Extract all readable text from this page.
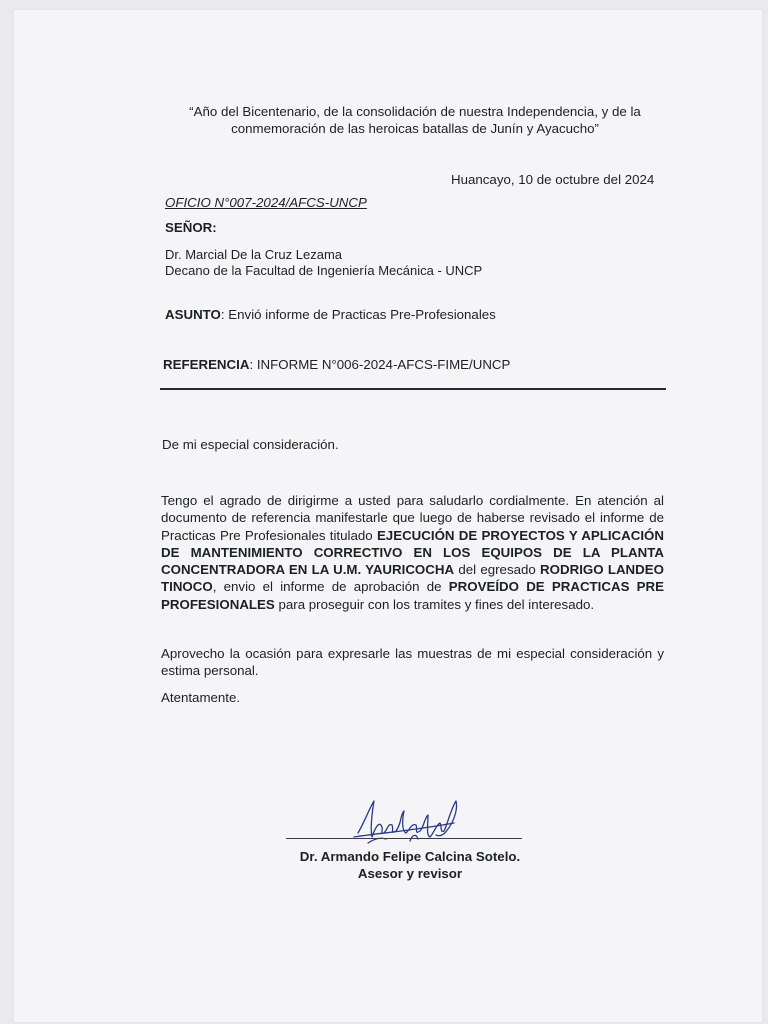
“Año del Bicentenario, de la consolidación de nuestra Independencia, y de la
conmemoración de las heroicas batallas de Junín y Ayacucho”
Huancayo, 10 de octubre del 2024
OFICIO N°007-2024/AFCS-UNCP
SEÑOR:
Dr. Marcial De la Cruz Lezama
Decano de la Facultad de Ingeniería Mecánica - UNCP
ASUNTO: Envió informe de Practicas Pre-Profesionales
REFERENCIA: INFORME N°006-2024-AFCS-FIME/UNCP
De mi especial consideración.
Tengo el agrado de dirigirme a usted para saludarlo cordialmente. En atención al documento de referencia manifestarle que luego de haberse revisado el informe de Practicas Pre Profesionales titulado EJECUCIÓN DE PROYECTOS Y APLICACIÓN DE MANTENIMIENTO CORRECTIVO EN LOS EQUIPOS DE LA PLANTA CONCENTRADORA EN LA U.M. YAURICOCHA del egresado RODRIGO LANDEO TINOCO, envio el informe de aprobación de PROVEÍDO DE PRACTICAS PRE PROFESIONALES para proseguir con los tramites y fines del interesado.
Aprovecho la ocasión para expresarle las muestras de mi especial consideración y estima personal.
Atentamente.
Dr. Armando Felipe Calcina Sotelo.
Asesor y revisor
